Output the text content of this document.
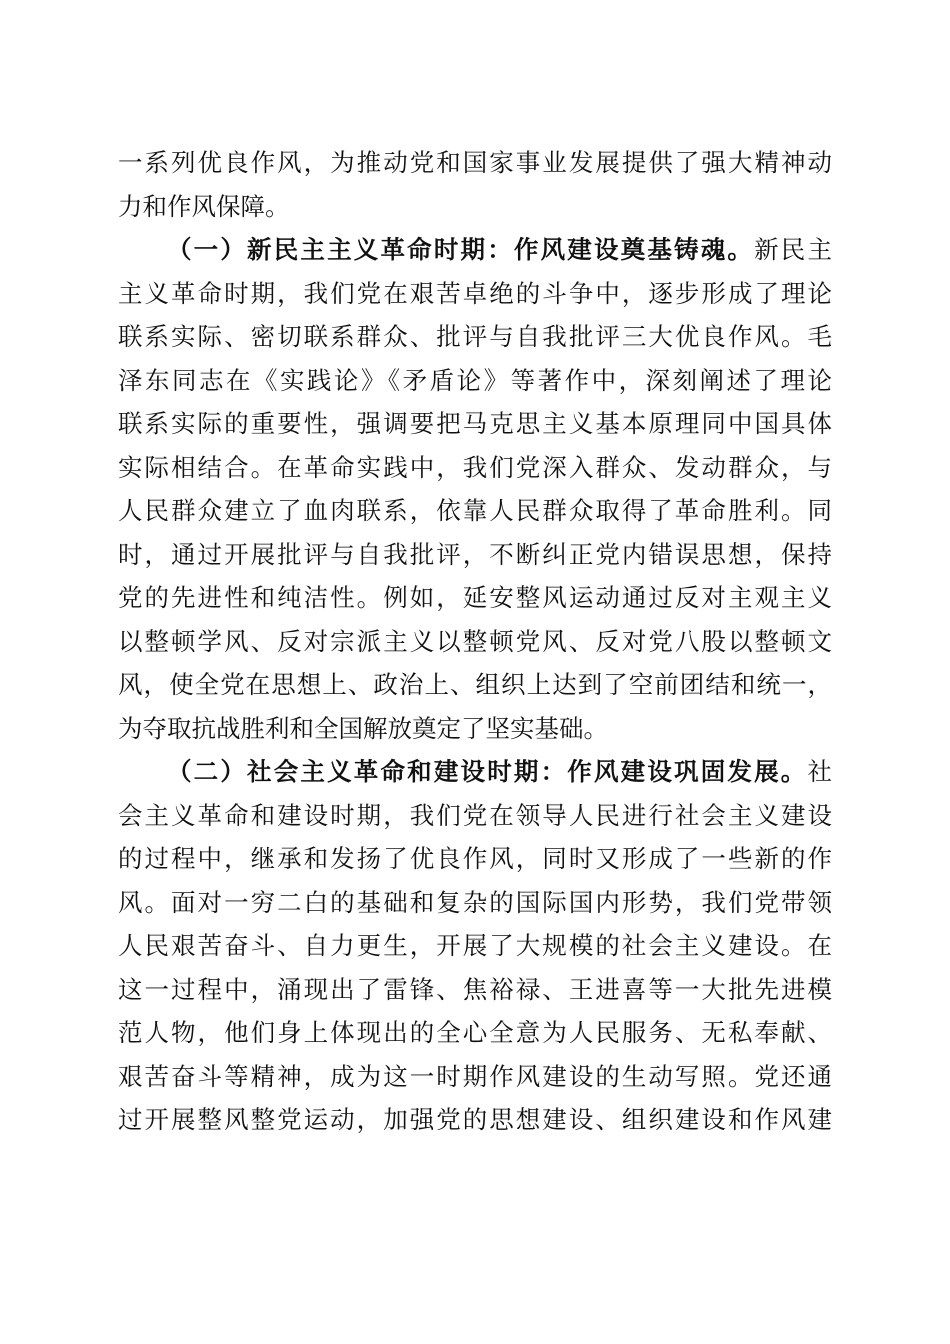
一系列优良作风，为推动党和国家事业发展提供了强大精神动
力和作风保障。
（一）新民主主义革命时期：作风建设奠基铸魂。新民主
主义革命时期，我们党在艰苦卓绝的斗争中，逐步形成了理论
联系实际、密切联系群众、批评与自我批评三大优良作风。毛
泽东同志在《实践论》《矛盾论》等著作中，深刻阐述了理论
联系实际的重要性，强调要把马克思主义基本原理同中国具体
实际相结合。在革命实践中，我们党深入群众、发动群众，与
人民群众建立了血肉联系，依靠人民群众取得了革命胜利。同
时，通过开展批评与自我批评，不断纠正党内错误思想，保持
党的先进性和纯洁性。例如，延安整风运动通过反对主观主义
以整顿学风、反对宗派主义以整顿党风、反对党八股以整顿文
风，使全党在思想上、政治上、组织上达到了空前团结和统一，
为夺取抗战胜利和全国解放奠定了坚实基础。
（二）社会主义革命和建设时期：作风建设巩固发展。社
会主义革命和建设时期，我们党在领导人民进行社会主义建设
的过程中，继承和发扬了优良作风，同时又形成了一些新的作
风。面对一穷二白的基础和复杂的国际国内形势，我们党带领
人民艰苦奋斗、自力更生，开展了大规模的社会主义建设。在
这一过程中，涌现出了雷锋、焦裕禄、王进喜等一大批先进模
范人物，他们身上体现出的全心全意为人民服务、无私奉献、
艰苦奋斗等精神，成为这一时期作风建设的生动写照。党还通
过开展整风整党运动，加强党的思想建设、组织建设和作风建
